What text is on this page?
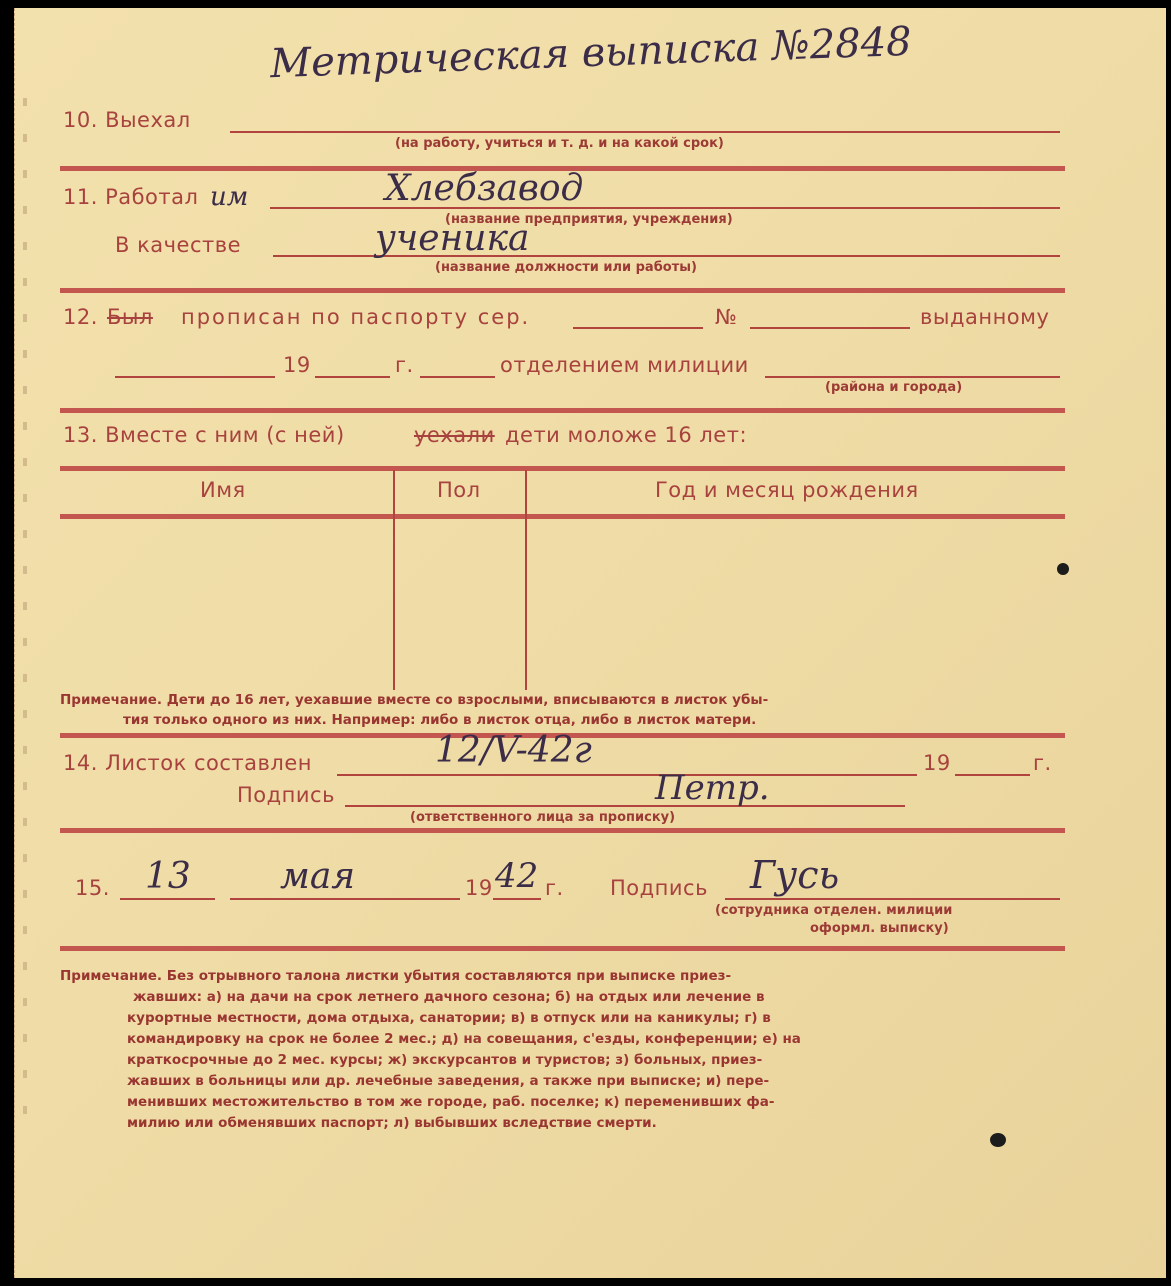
Метрическая выписка №2848
10. Выехал
(на работу, учиться и т. д. и на какой срок)
11. Работал им	Хлебзавод
(название предприятия, учреждения)
В качестве	ученика
(название должности или работы)
12. Был прописан по паспорту сер.	№	выданному
19	г.	отделением милиции
(района и города)
13. Вместе с ним (с ней)	уехали дети моложе 16 лет:
Имя	Пол	Год и месяц рождения
Примечание. Дети до 16 лет, уехавшие вместе со взрослыми, вписываются в листок убы-
тия только одного из них. Например: либо в листок отца, либо в листок матери.
14. Листок составлен	12/V-42г	19	г.
Подпись	Петр.
(ответственного лица за прописку)
15. 13 мая	19 42 г. Подпись Гусь
(сотрудника отделен. милиции
оформл. выписку)
Примечание. Без отрывного талона листки убытия составляются при выписке приез-
жавших: а) на дачи на срок летнего дачного сезона; б) на отдых или лечение в
курортные местности, дома отдыха, санатории; в) в отпуск или на каникулы; г) в
командировку на срок не более 2 мес.; д) на совещания, с'езды, конференции; е) на
краткосрочные до 2 мес. курсы; ж) экскурсантов и туристов; з) больных, приез-
жавших в больницы или др. лечебные заведения, а также при выписке; и) пере-
менивших местожительство в том же городе, раб. поселке; к) переменивших фа-
милию или обменявших паспорт; л) выбывших вследствие смерти.
